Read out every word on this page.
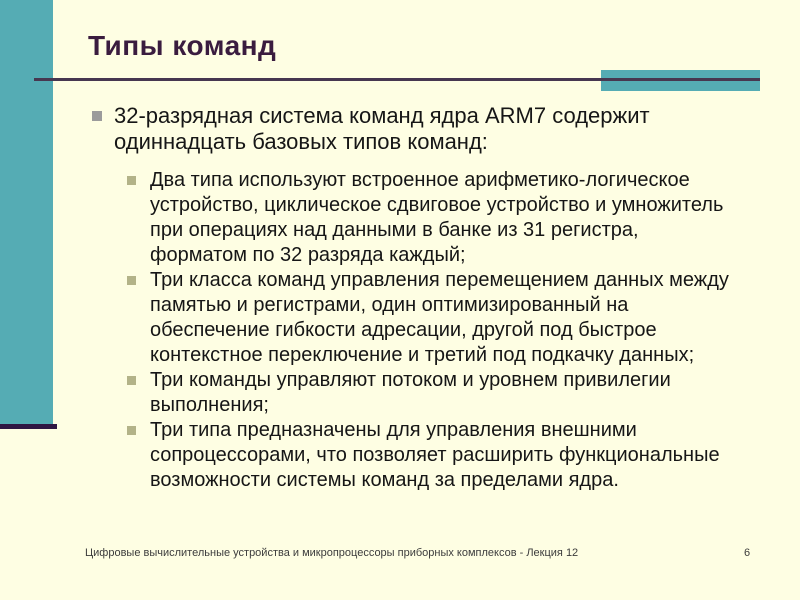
Типы команд
32-разрядная система команд ядра ARM7 содержит одиннадцать базовых типов команд:
Два типа используют встроенное арифметико-логическое устройство, циклическое сдвиговое устройство и умножитель при операциях над данными в банке из 31 регистра, форматом по 32 разряда каждый;
Три класса команд управления перемещением данных между памятью и регистрами, один оптимизированный на обеспечение гибкости адресации, другой под быстрое контекстное переключение и третий под подкачку данных;
Три команды управляют потоком и уровнем привилегии выполнения;
Три типа предназначены для управления внешними сопроцессорами, что позволяет расширить функциональные возможности системы команд за пределами ядра.
Цифровые вычислительные устройства и микропроцессоры приборных комплексов - Лекция 12	6
